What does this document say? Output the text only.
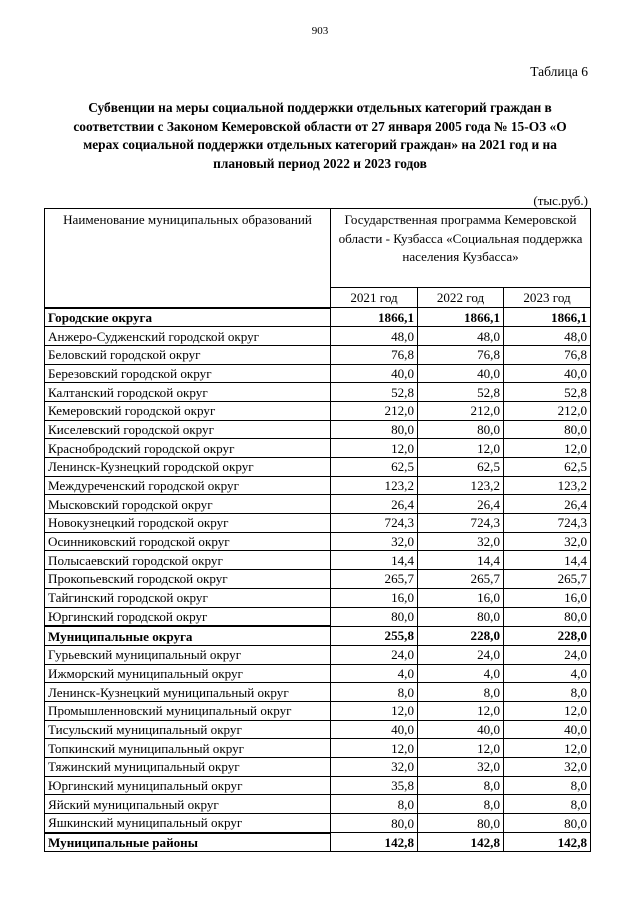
903
Таблица 6

Субвенции на меры социальной поддержки отдельных категорий граждан в соответствии с Законом Кемеровской области от 27 января 2005 года № 15-ОЗ «О мерах социальной поддержки отдельных категорий граждан» на 2021 год и на плановый период 2022 и 2023 годов

(тыс.руб.)
Наименование муниципальных образований	Государственная программа Кемеровской области - Кузбасса «Социальная поддержка населения Кузбасса»		
	2021 год	2022 год	2023 год
Городские округа	1866,1	1866,1	1866,1
Анжеро-Судженский городской округ	48,0	48,0	48,0
Беловский городской округ	76,8	76,8	76,8
Березовский городской округ	40,0	40,0	40,0
Калтанский городской округ	52,8	52,8	52,8
Кемеровский городской округ	212,0	212,0	212,0
Киселевский городской округ	80,0	80,0	80,0
Краснобродский городской округ	12,0	12,0	12,0
Ленинск-Кузнецкий городской округ	62,5	62,5	62,5
Междуреченский городской округ	123,2	123,2	123,2
Мысковский городской округ	26,4	26,4	26,4
Новокузнецкий городской округ	724,3	724,3	724,3
Осинниковский городской округ	32,0	32,0	32,0
Полысаевский городской округ	14,4	14,4	14,4
Прокопьевский городской округ	265,7	265,7	265,7
Тайгинский городской округ	16,0	16,0	16,0
Юргинский городской округ	80,0	80,0	80,0
Муниципальные округа	255,8	228,0	228,0
Гурьевский муниципальный округ	24,0	24,0	24,0
Ижморский муниципальный округ	4,0	4,0	4,0
Ленинск-Кузнецкий муниципальный округ	8,0	8,0	8,0
Промышленновский муниципальный округ	12,0	12,0	12,0
Тисульский муниципальный округ	40,0	40,0	40,0
Топкинский муниципальный округ	12,0	12,0	12,0
Тяжинский муниципальный округ	32,0	32,0	32,0
Юргинский муниципальный округ	35,8	8,0	8,0
Яйский муниципальный округ	8,0	8,0	8,0
Яшкинский муниципальный округ	80,0	80,0	80,0
Муниципальные районы	142,8	142,8	142,8
